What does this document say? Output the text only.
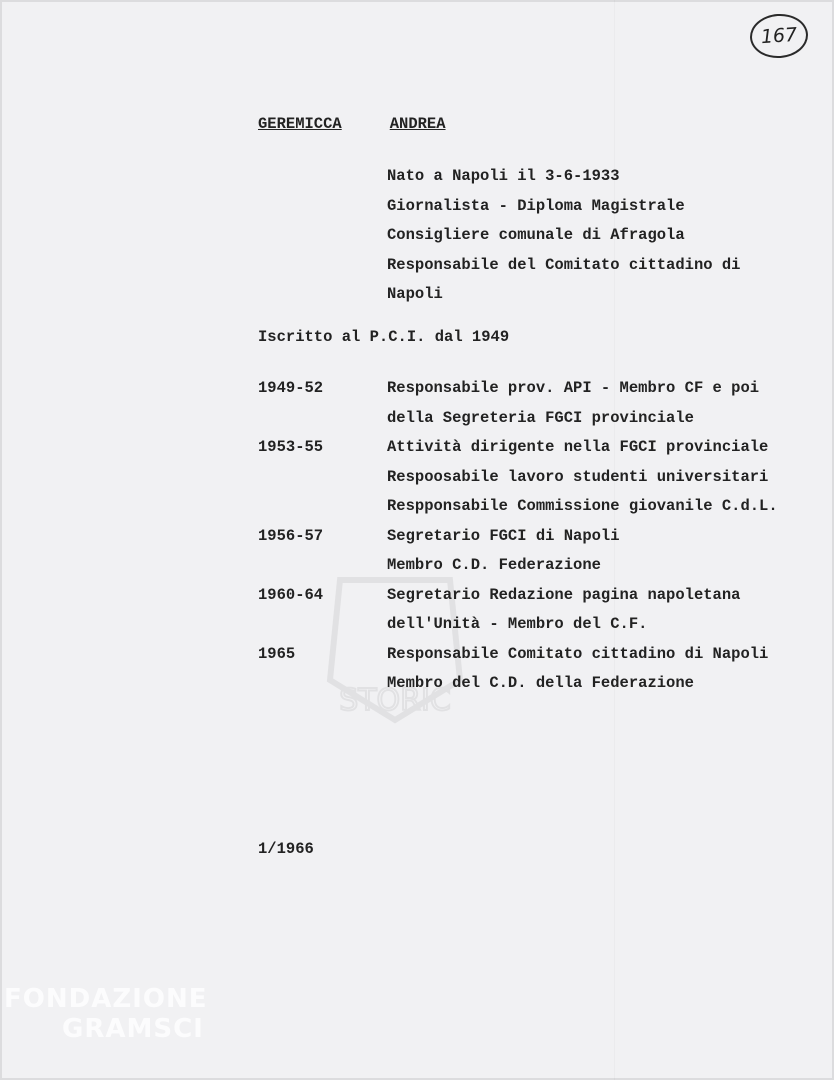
167
GEREMICCA	ANDREA
Nato a Napoli il 3-6-1933
Giornalista - Diploma Magistrale
Consigliere comunale di Afragola
Responsabile del Comitato cittadino di
Napoli
Iscritto al P.C.I. dal 1949
STORIC
1949-52	Responsabile prov. API - Membro CF e poi
della Segreteria FGCI provinciale
1953-55	Attività dirigente nella FGCI provinciale
Respoosabile lavoro studenti universitari
Respponsabile Commissione giovanile C.d.L.
1956-57	Segretario FGCI di Napoli
Membro C.D. Federazione
1960-64	Segretario Redazione pagina napoletana
dell'Unità - Membro del C.F.
1965	Responsabile Comitato cittadino di Napoli
Membro del C.D. della Federazione
1/1966
FONDAZIONE
GRAMSCI
